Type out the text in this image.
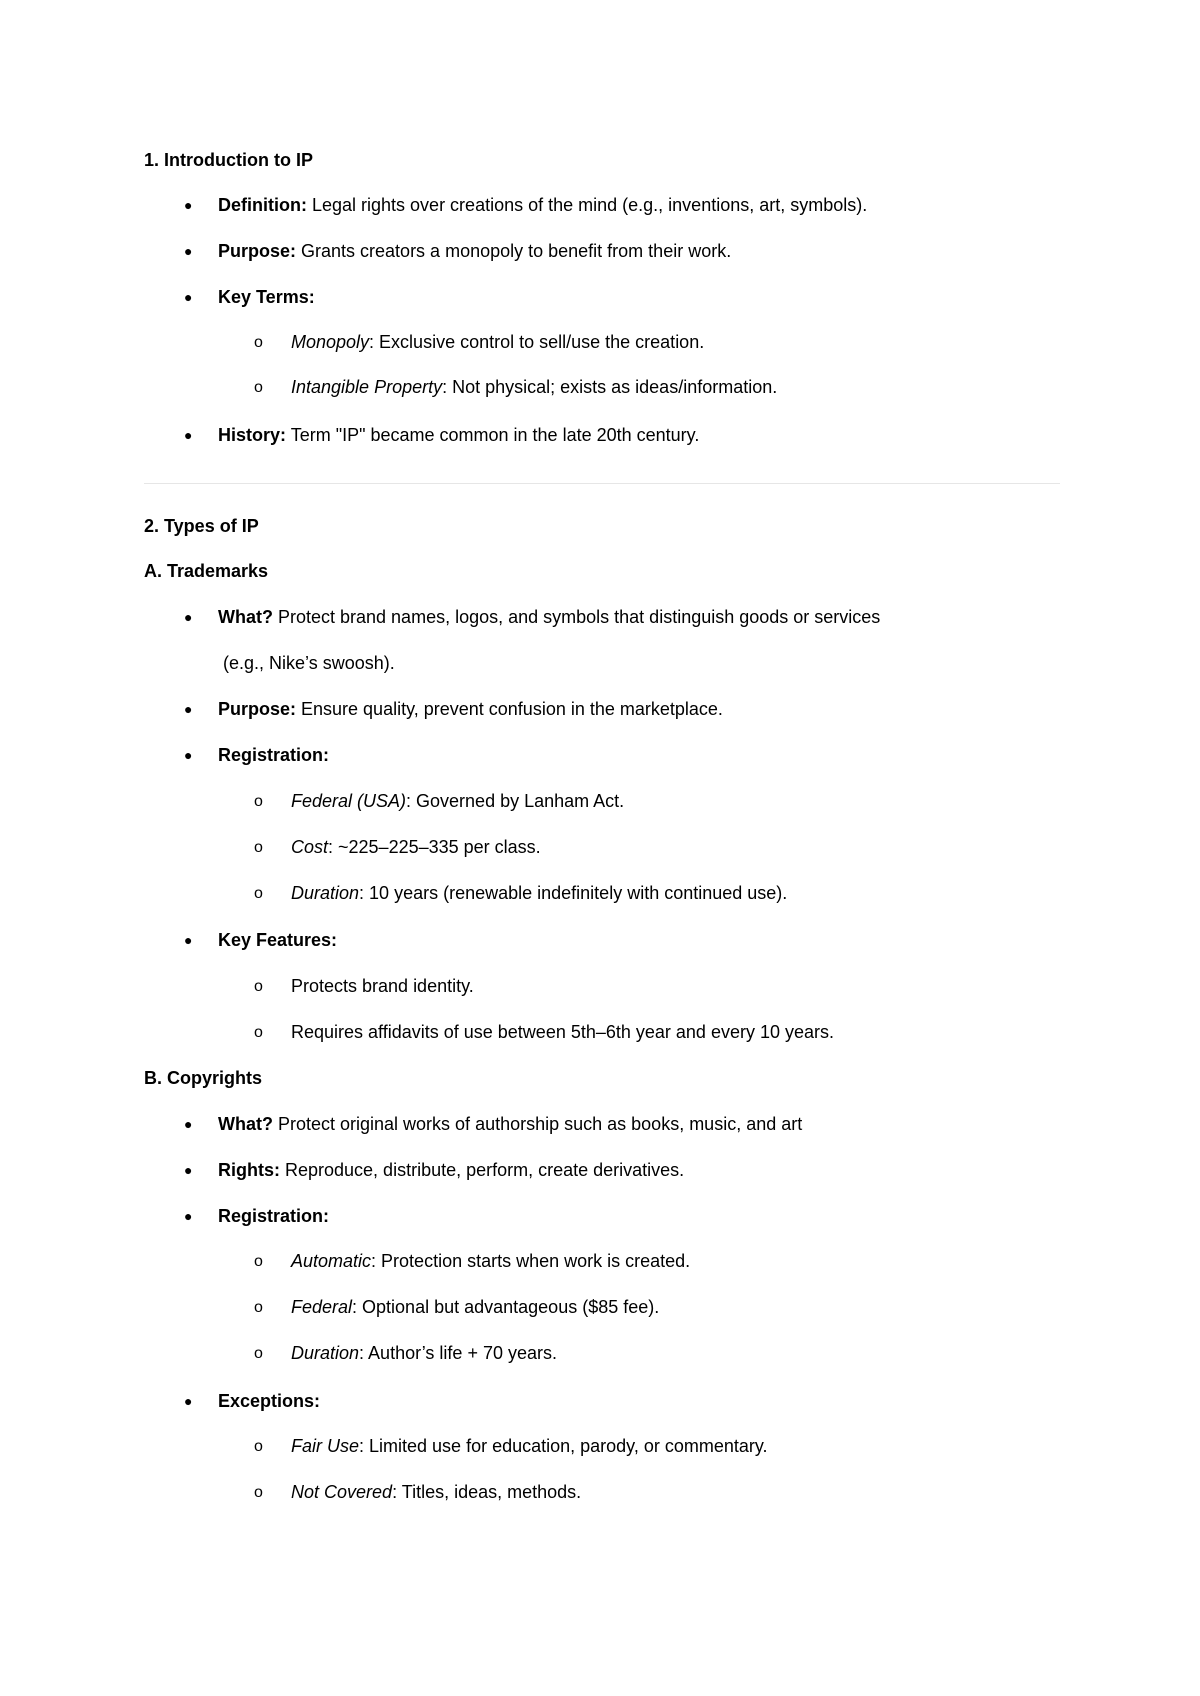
1. Introduction to IP
● Definition: Legal rights over creations of the mind (e.g., inventions, art, symbols).
● Purpose: Grants creators a monopoly to benefit from their work.
● Key Terms:
o Monopoly: Exclusive control to sell/use the creation.
o Intangible Property: Not physical; exists as ideas/information.
● History: Term "IP" became common in the late 20th century.
2. Types of IP
A. Trademarks
● What? Protect brand names, logos, and symbols that distinguish goods or services
(e.g., Nike’s swoosh).
● Purpose: Ensure quality, prevent confusion in the marketplace.
● Registration:
o Federal (USA): Governed by Lanham Act.
o Cost: ~225–225–335 per class.
o Duration: 10 years (renewable indefinitely with continued use).
● Key Features:
o Protects brand identity.
o Requires affidavits of use between 5th–6th year and every 10 years.
B. Copyrights
● What? Protect original works of authorship such as books, music, and art
● Rights: Reproduce, distribute, perform, create derivatives.
● Registration:
o Automatic: Protection starts when work is created.
o Federal: Optional but advantageous ($85 fee).
o Duration: Author’s life + 70 years.
● Exceptions:
o Fair Use: Limited use for education, parody, or commentary.
o Not Covered: Titles, ideas, methods.
